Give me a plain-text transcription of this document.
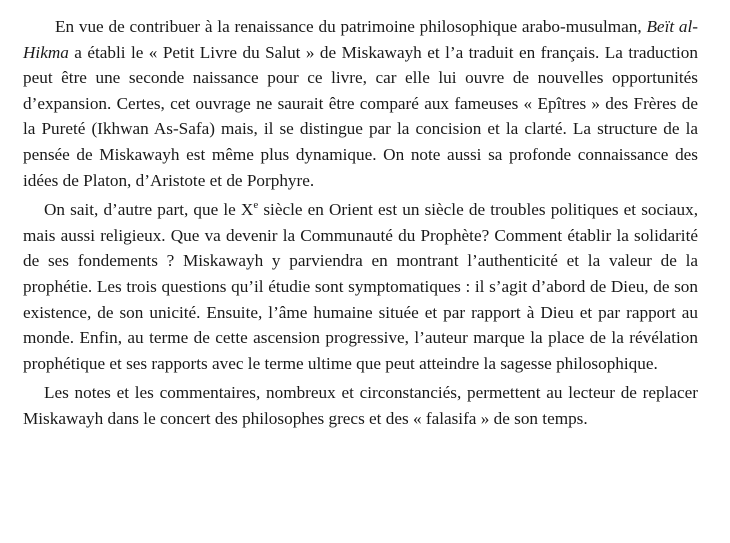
En vue de contribuer à la renaissance du patrimoine philosophique arabo-musulman, Beït al-Hikma a établi le « Petit Livre du Salut » de Miskawayh et l’a traduit en français. La traduction peut être une seconde naissance pour ce livre, car elle lui ouvre de nouvelles opportunités d’expansion. Certes, cet ouvrage ne saurait être comparé aux fameuses « Epîtres » des Frères de la Pureté (Ikhwan As-Safa) mais, il se distingue par la concision et la clarté. La structure de la pensée de Miskawayh est même plus dynamique. On note aussi sa profonde connaissance des idées de Platon, d’Aristote et de Porphyre.

On sait, d’autre part, que le Xe siècle en Orient est un siècle de troubles politiques et sociaux, mais aussi religieux. Que va devenir la Communauté du Prophète? Comment établir la solidarité de ses fondements ? Miskawayh y parviendra en montrant l’authenticité et la valeur de la prophétie. Les trois questions qu’il étudie sont symptomatiques : il s’agit d’abord de Dieu, de son existence, de son unicité. Ensuite, l’âme humaine située et par rapport à Dieu et par rapport au monde. Enfin, au terme de cette ascension progressive, l’auteur marque la place de la révélation prophétique et ses rapports avec le terme ultime que peut atteindre la sagesse philosophique.

Les notes et les commentaires, nombreux et circonstanciés, permettent au lecteur de replacer Miskawayh dans le concert des philosophes grecs et des « falasifa » de son temps.
